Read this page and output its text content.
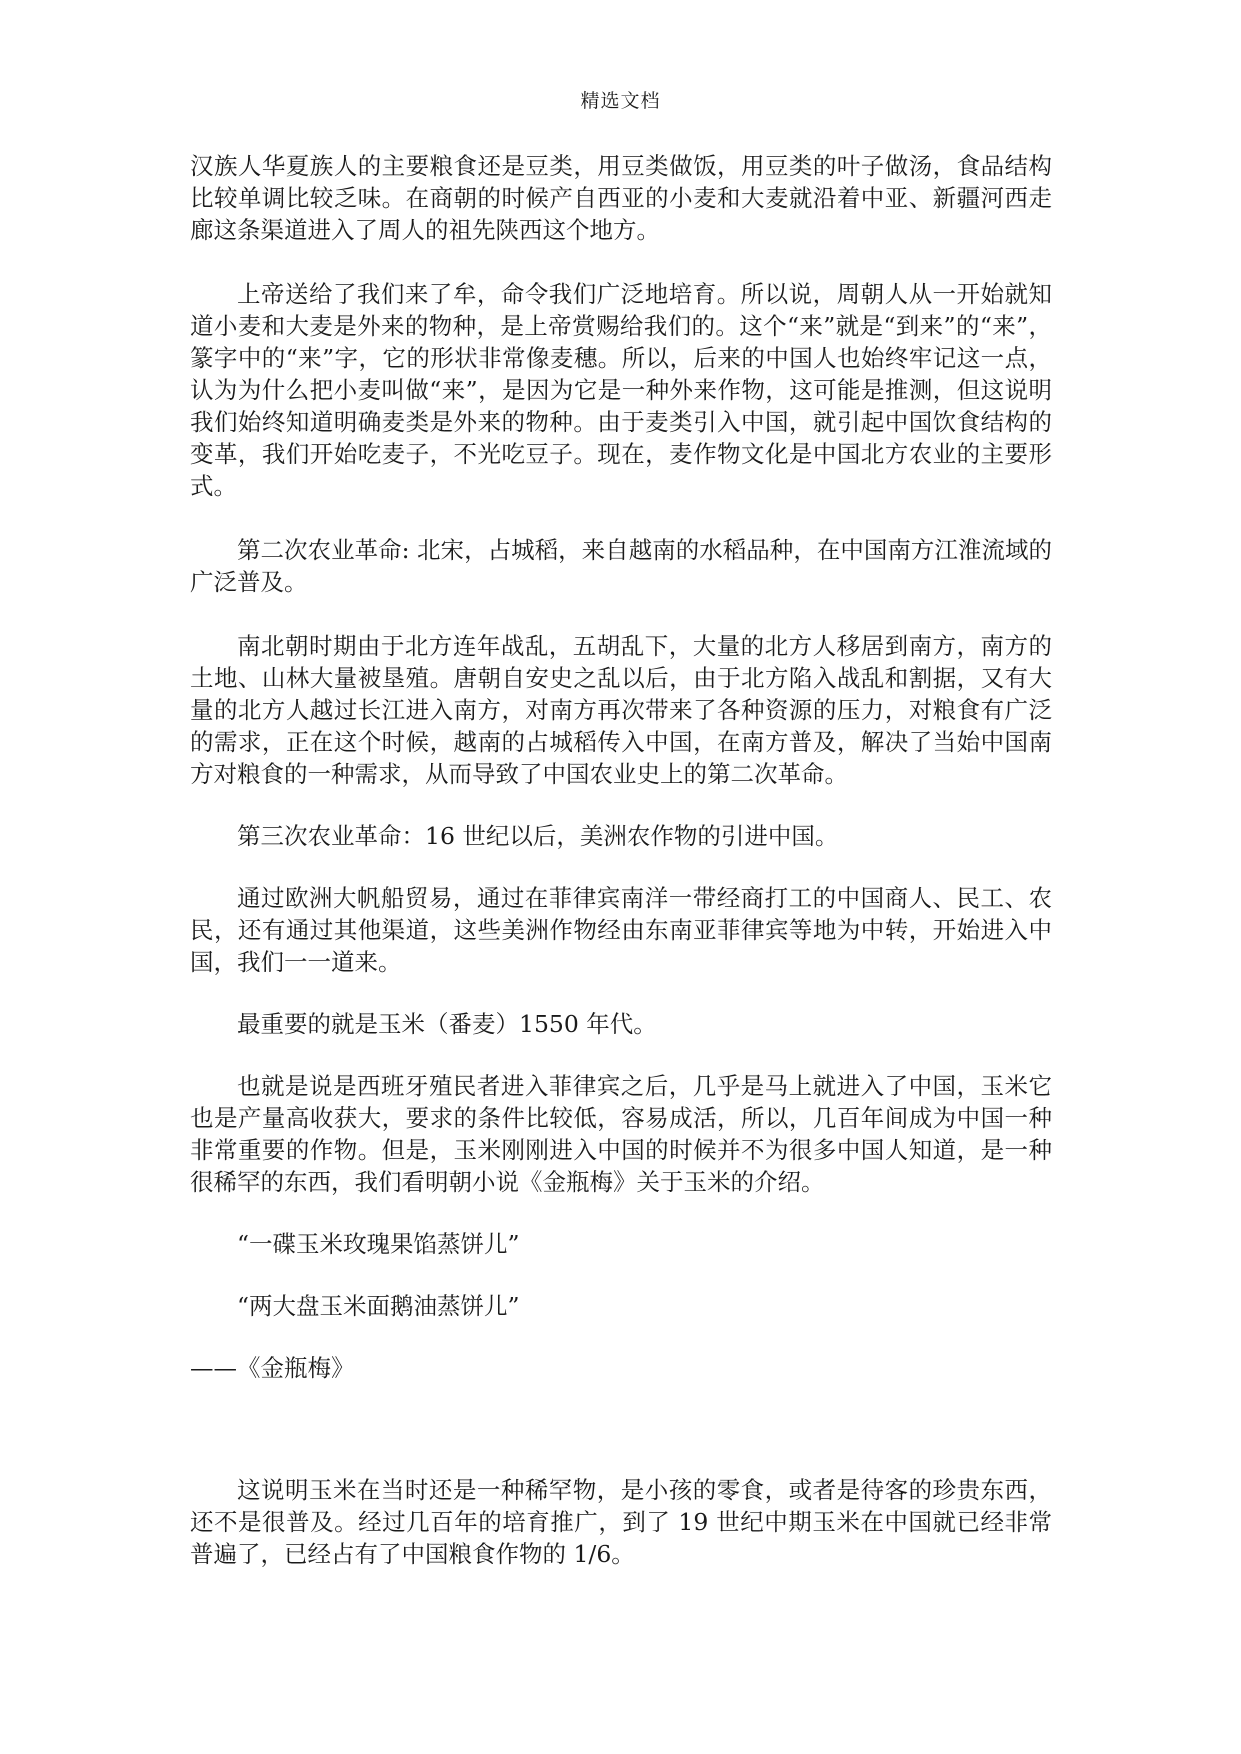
精选文档

汉族人华夏族人的主要粮食还是豆类，用豆类做饭，用豆类的叶子做汤，食品结构比较单调比较乏味。在商朝的时候产自西亚的小麦和大麦就沿着中亚、新疆河西走廊这条渠道进入了周人的祖先陕西这个地方。

上帝送给了我们来了牟，命令我们广泛地培育。所以说，周朝人从一开始就知道小麦和大麦是外来的物种，是上帝赏赐给我们的。这个“来”就是“到来”的“来”，篆字中的“来”字，它的形状非常像麦穗。所以，后来的中国人也始终牢记这一点，认为为什么把小麦叫做“来”，是因为它是一种外来作物，这可能是推测，但这说明我们始终知道明确麦类是外来的物种。由于麦类引入中国，就引起中国饮食结构的变革，我们开始吃麦子，不光吃豆子。现在，麦作物文化是中国北方农业的主要形式。

第二次农业革命: 北宋，占城稻，来自越南的水稻品种，在中国南方江淮流域的广泛普及。

南北朝时期由于北方连年战乱，五胡乱下，大量的北方人移居到南方，南方的土地、山林大量被垦殖。唐朝自安史之乱以后，由于北方陷入战乱和割据，又有大量的北方人越过长江进入南方，对南方再次带来了各种资源的压力，对粮食有广泛的需求，正在这个时候，越南的占城稻传入中国，在南方普及，解决了当始中国南方对粮食的一种需求，从而导致了中国农业史上的第二次革命。

第三次农业革命：16 世纪以后，美洲农作物的引进中国。

通过欧洲大帆船贸易，通过在菲律宾南洋一带经商打工的中国商人、民工、农民，还有通过其他渠道，这些美洲作物经由东南亚菲律宾等地为中转，开始进入中国，我们一一道来。

最重要的就是玉米（番麦）1550 年代。

也就是说是西班牙殖民者进入菲律宾之后，几乎是马上就进入了中国，玉米它也是产量高收获大，要求的条件比较低，容易成活，所以，几百年间成为中国一种非常重要的作物。但是，玉米刚刚进入中国的时候并不为很多中国人知道，是一种很稀罕的东西，我们看明朝小说《金瓶梅》关于玉米的介绍。

“一碟玉米玫瑰果馅蒸饼儿”

“两大盘玉米面鹅油蒸饼儿”

——《金瓶梅》

这说明玉米在当时还是一种稀罕物，是小孩的零食，或者是待客的珍贵东西，还不是很普及。经过几百年的培育推广，到了 19 世纪中期玉米在中国就已经非常普遍了，已经占有了中国粮食作物的 1/6。
